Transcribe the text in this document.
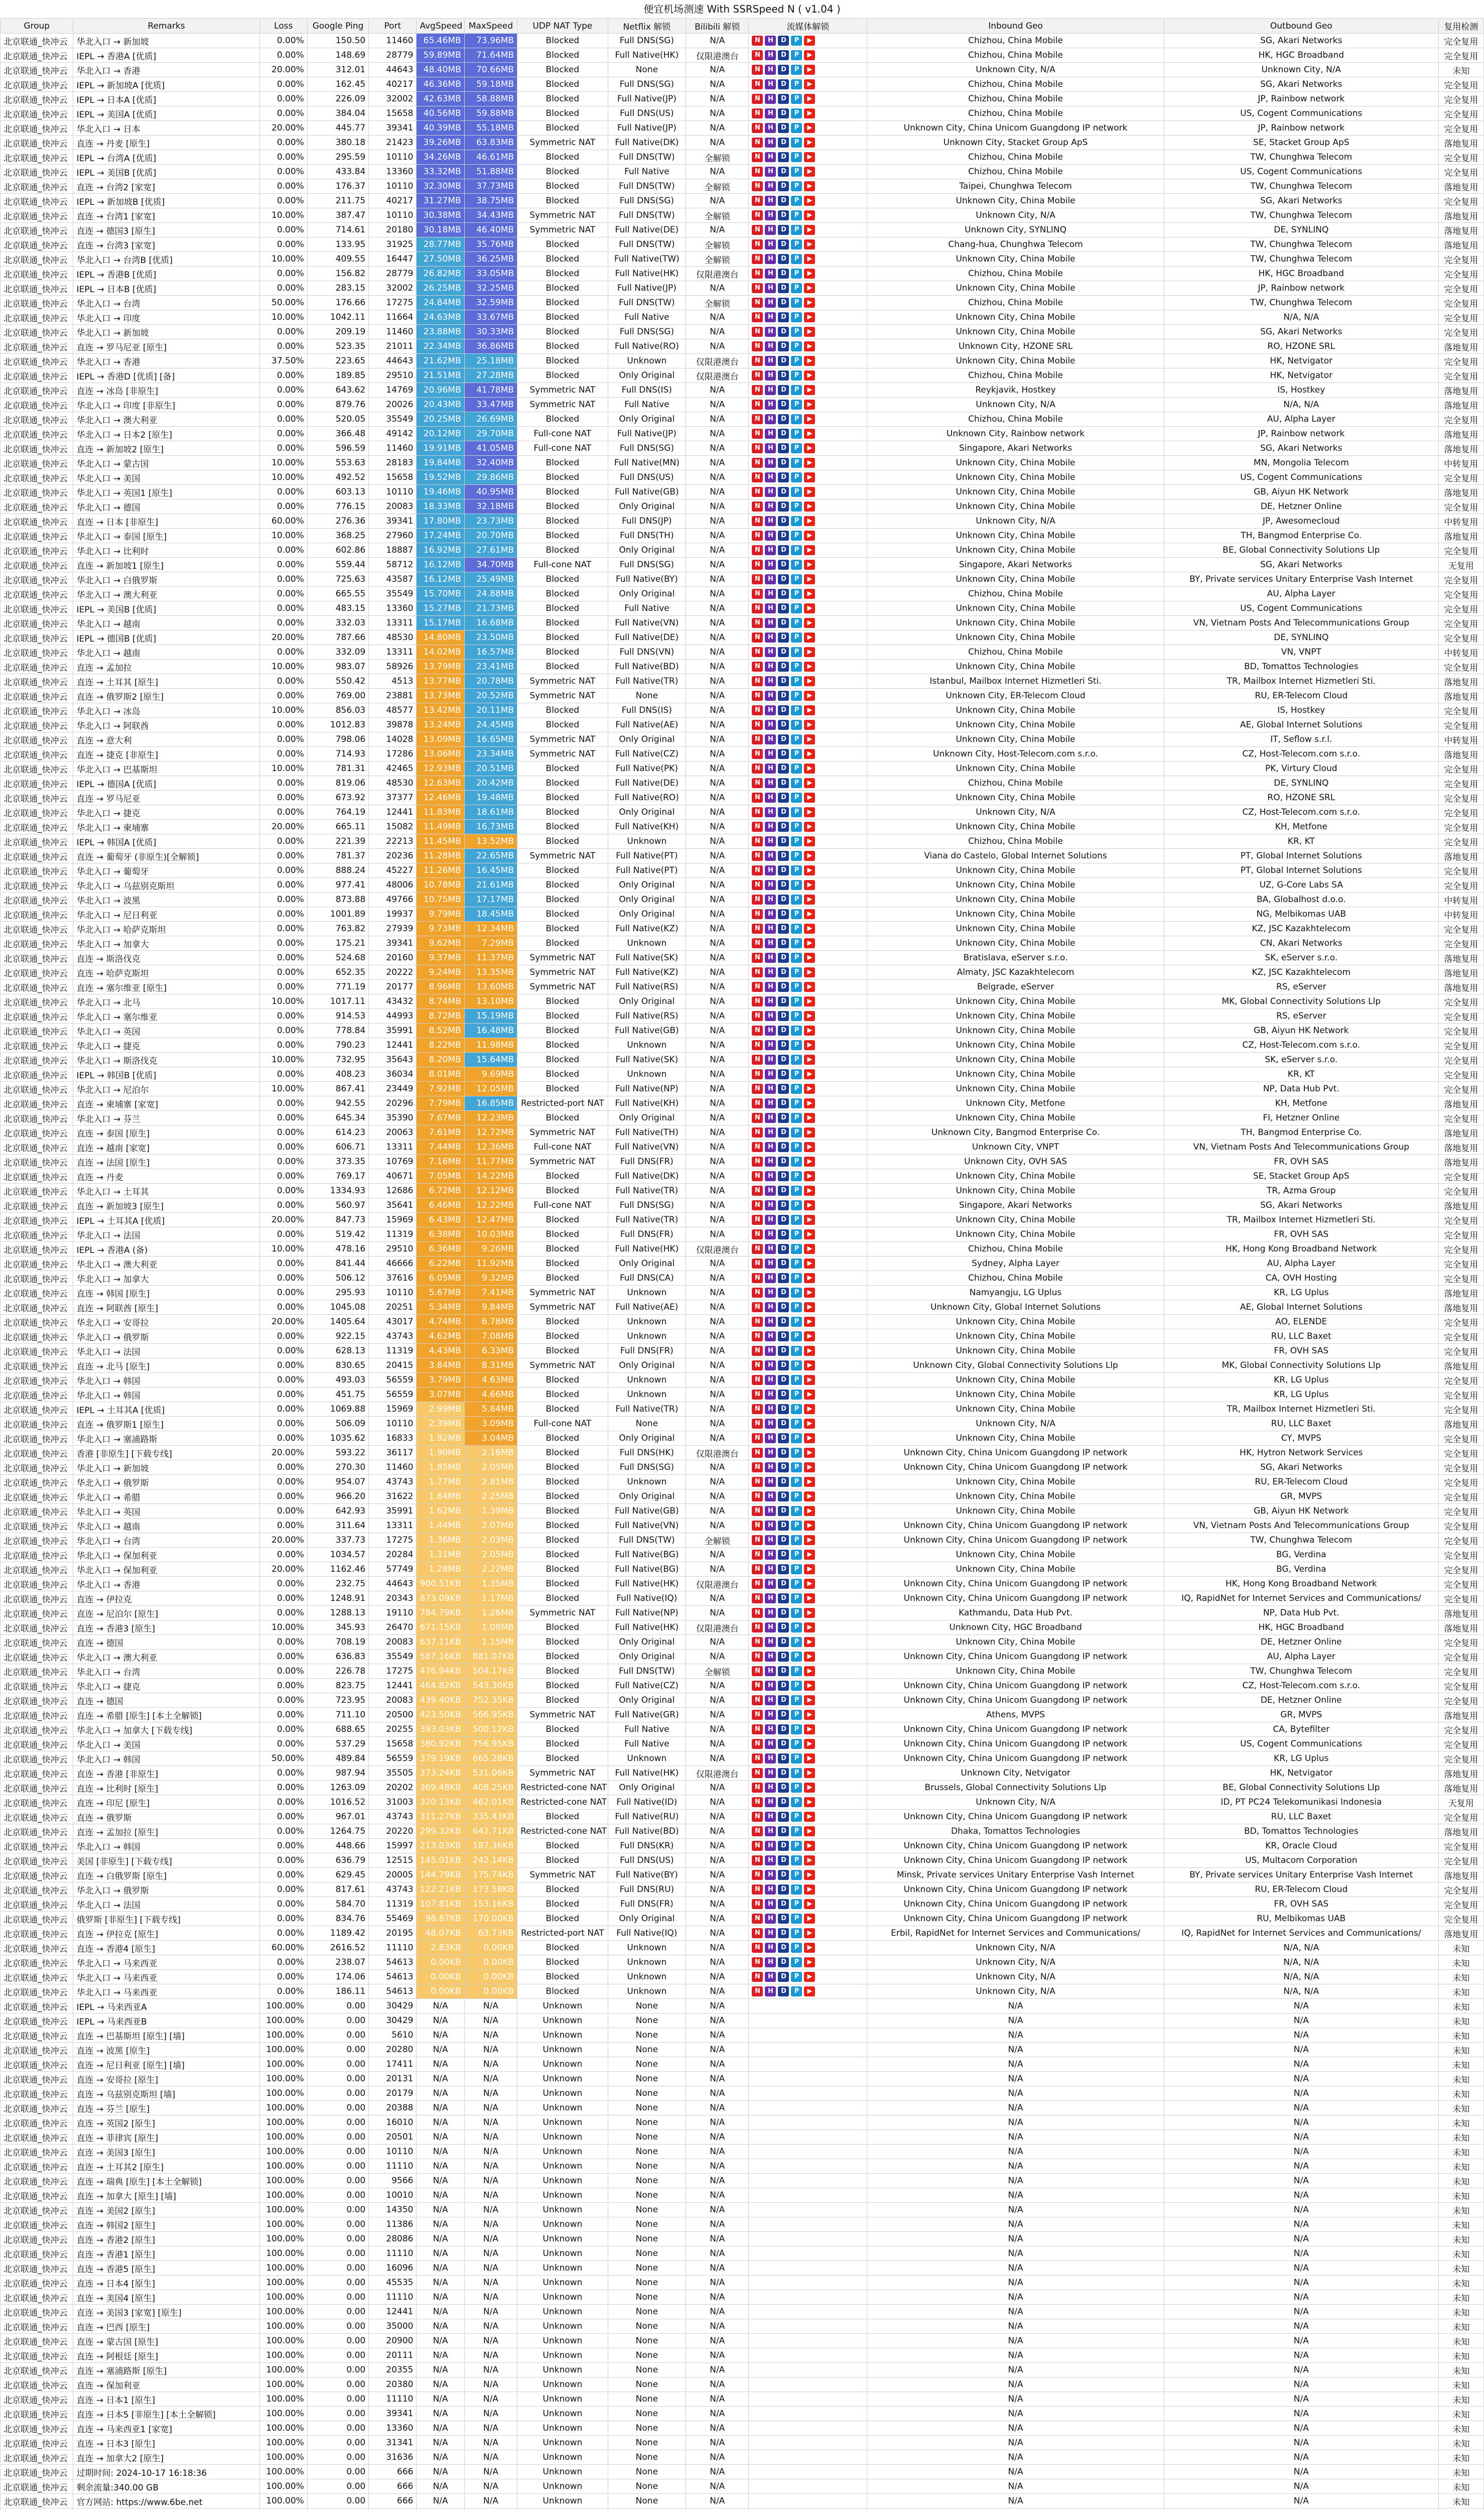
便宜机场测速 With SSRSpeed N ( v1.04 )
Group	Remarks	Loss	Google Ping	Port	AvgSpeed	MaxSpeed	UDP NAT Type	Netflix 解锁	Bilibili 解锁	流媒体解锁	Inbound Geo	Outbound Geo	复用检测
北京联通_快冲云	华北入口 → 新加坡	0.00%	150.50	11460	65.46MB	73.96MB	Blocked	Full DNS(SG)	N/A	N H D P ▶	Chizhou, China Mobile	SG, Akari Networks	完全复用
北京联通_快冲云	IEPL → 香港A [优质]	0.00%	148.69	28779	59.89MB	71.64MB	Blocked	Full Native(HK)	仅限港澳台	N H D P ▶	Chizhou, China Mobile	HK, HGC Broadband	完全复用
北京联通_快冲云	华北入口 → 香港	20.00%	312.01	44643	48.40MB	70.66MB	Blocked	None	N/A	N H D P ▶	Unknown City, N/A	Unknown City, N/A	未知
北京联通_快冲云	IEPL → 新加坡A [优质]	0.00%	162.45	40217	46.36MB	59.18MB	Blocked	Full DNS(SG)	N/A	N H D P ▶	Chizhou, China Mobile	SG, Akari Networks	完全复用
北京联通_快冲云	IEPL → 日本A [优质]	0.00%	226.09	32002	42.63MB	58.88MB	Blocked	Full Native(JP)	N/A	N H D P ▶	Chizhou, China Mobile	JP, Rainbow network	完全复用
北京联通_快冲云	IEPL → 美国A [优质]	0.00%	384.04	15658	40.56MB	59.88MB	Blocked	Full DNS(US)	N/A	N H D P ▶	Chizhou, China Mobile	US, Cogent Communications	完全复用
北京联通_快冲云	华北入口 → 日本	20.00%	445.77	39341	40.39MB	55.18MB	Blocked	Full Native(JP)	N/A	N H D P ▶	Unknown City, China Unicom Guangdong IP network	JP, Rainbow network	完全复用
北京联通_快冲云	直连 → 丹麦 [原生]	0.00%	380.18	21423	39.26MB	63.83MB	Symmetric NAT	Full Native(DK)	N/A	N H D P ▶	Unknown City, Stacket Group ApS	SE, Stacket Group ApS	落地复用
北京联通_快冲云	IEPL → 台湾A [优质]	0.00%	295.59	10110	34.26MB	46.61MB	Blocked	Full DNS(TW)	全解锁	N H D P ▶	Chizhou, China Mobile	TW, Chunghwa Telecom	完全复用
北京联通_快冲云	IEPL → 美国B [优质]	0.00%	433.84	13360	33.32MB	51.88MB	Blocked	Full Native	N/A	N H D P ▶	Chizhou, China Mobile	US, Cogent Communications	完全复用
北京联通_快冲云	直连 → 台湾2 [家宽]	0.00%	176.37	10110	32.30MB	37.73MB	Blocked	Full DNS(TW)	全解锁	N H D P ▶	Taipei, Chunghwa Telecom	TW, Chunghwa Telecom	落地复用
北京联通_快冲云	IEPL → 新加坡B [优质]	0.00%	211.75	40217	31.27MB	38.75MB	Blocked	Full DNS(SG)	N/A	N H D P ▶	Unknown City, China Mobile	SG, Akari Networks	完全复用
北京联通_快冲云	直连 → 台湾1 [家宽]	10.00%	387.47	10110	30.38MB	34.43MB	Symmetric NAT	Full DNS(TW)	全解锁	N H D P ▶	Unknown City, N/A	TW, Chunghwa Telecom	落地复用
北京联通_快冲云	直连 → 德国3 [原生]	0.00%	714.61	20180	30.18MB	46.40MB	Symmetric NAT	Full Native(DE)	N/A	N H D P ▶	Unknown City, SYNLINQ	DE, SYNLINQ	落地复用
北京联通_快冲云	直连 → 台湾3 [家宽]	0.00%	133.95	31925	28.77MB	35.76MB	Blocked	Full DNS(TW)	全解锁	N H D P ▶	Chang-hua, Chunghwa Telecom	TW, Chunghwa Telecom	落地复用
北京联通_快冲云	华北入口 → 台湾B [优质]	10.00%	409.55	16447	27.50MB	36.25MB	Blocked	Full Native(TW)	全解锁	N H D P ▶	Unknown City, China Mobile	TW, Chunghwa Telecom	完全复用
北京联通_快冲云	IEPL → 香港B [优质]	0.00%	156.82	28779	26.82MB	33.05MB	Blocked	Full Native(HK)	仅限港澳台	N H D P ▶	Chizhou, China Mobile	HK, HGC Broadband	完全复用
北京联通_快冲云	IEPL → 日本B [优质]	0.00%	283.15	32002	26.25MB	32.25MB	Blocked	Full Native(JP)	N/A	N H D P ▶	Unknown City, China Mobile	JP, Rainbow network	完全复用
北京联通_快冲云	华北入口 → 台湾	50.00%	176.66	17275	24.84MB	32.59MB	Blocked	Full DNS(TW)	全解锁	N H D P ▶	Chizhou, China Mobile	TW, Chunghwa Telecom	完全复用
北京联通_快冲云	华北入口 → 印度	10.00%	1042.11	11664	24.63MB	33.67MB	Blocked	Full Native	N/A	N H D P ▶	Unknown City, China Mobile	N/A, N/A	完全复用
北京联通_快冲云	华北入口 → 新加坡	0.00%	209.19	11460	23.88MB	30.33MB	Blocked	Full DNS(SG)	N/A	N H D P ▶	Unknown City, China Mobile	SG, Akari Networks	完全复用
北京联通_快冲云	直连 → 罗马尼亚 [原生]	0.00%	523.35	21011	22.34MB	36.86MB	Blocked	Full Native(RO)	N/A	N H D P ▶	Unknown City, HZONE SRL	RO, HZONE SRL	落地复用
北京联通_快冲云	华北入口 → 香港	37.50%	223.65	44643	21.62MB	25.18MB	Blocked	Unknown	仅限港澳台	N H D P ▶	Unknown City, China Mobile	HK, Netvigator	完全复用
北京联通_快冲云	IEPL → 香港D [优质] [备]	0.00%	189.85	29510	21.51MB	27.28MB	Blocked	Only Original	仅限港澳台	N H D P ▶	Chizhou, China Mobile	HK, Netvigator	完全复用
北京联通_快冲云	直连 → 冰岛 [非原生]	0.00%	643.62	14769	20.96MB	41.78MB	Symmetric NAT	Full DNS(IS)	N/A	N H D P ▶	Reykjavik, Hostkey	IS, Hostkey	落地复用
北京联通_快冲云	华北入口 → 印度 [非原生]	0.00%	879.76	20026	20.43MB	33.47MB	Symmetric NAT	Full Native	N/A	N H D P ▶	Unknown City, N/A	N/A, N/A	落地复用
北京联通_快冲云	华北入口 → 澳大利亚	0.00%	520.05	35549	20.25MB	26.69MB	Blocked	Only Original	N/A	N H D P ▶	Chizhou, China Mobile	AU, Alpha Layer	完全复用
北京联通_快冲云	华北入口 → 日本2 [原生]	0.00%	366.48	49142	20.12MB	29.70MB	Full-cone NAT	Full Native(JP)	N/A	N H D P ▶	Unknown City, Rainbow network	JP, Rainbow network	落地复用
北京联通_快冲云	直连 → 新加坡2 [原生]	0.00%	596.59	11460	19.91MB	41.05MB	Full-cone NAT	Full DNS(SG)	N/A	N H D P ▶	Singapore, Akari Networks	SG, Akari Networks	落地复用
北京联通_快冲云	华北入口 → 蒙古国	10.00%	553.63	28183	19.84MB	32.40MB	Blocked	Full Native(MN)	N/A	N H D P ▶	Unknown City, China Mobile	MN, Mongolia Telecom	中转复用
北京联通_快冲云	华北入口 → 美国	10.00%	492.52	15658	19.52MB	29.86MB	Blocked	Full DNS(US)	N/A	N H D P ▶	Unknown City, China Mobile	US, Cogent Communications	完全复用
北京联通_快冲云	华北入口 → 英国1 [原生]	0.00%	603.13	10110	19.46MB	40.95MB	Blocked	Full Native(GB)	N/A	N H D P ▶	Unknown City, China Mobile	GB, Aiyun HK Network	落地复用
北京联通_快冲云	华北入口 → 德国	0.00%	776.15	20083	18.33MB	32.18MB	Blocked	Only Original	N/A	N H D P ▶	Unknown City, China Mobile	DE, Hetzner Online	完全复用
北京联通_快冲云	直连 → 日本 [非原生]	60.00%	276.36	39341	17.80MB	23.73MB	Blocked	Full DNS(JP)	N/A	N H D P ▶	Unknown City, N/A	JP, Awesomecloud	中转复用
北京联通_快冲云	华北入口 → 泰国 [原生]	10.00%	368.25	27960	17.24MB	20.70MB	Blocked	Full DNS(TH)	N/A	N H D P ▶	Unknown City, China Mobile	TH, Bangmod Enterprise Co.	落地复用
北京联通_快冲云	华北入口 → 比利时	0.00%	602.86	18887	16.92MB	27.61MB	Blocked	Only Original	N/A	N H D P ▶	Unknown City, China Mobile	BE, Global Connectivity Solutions Llp	完全复用
北京联通_快冲云	直连 → 新加坡1 [原生]	0.00%	559.44	58712	16.12MB	34.70MB	Full-cone NAT	Full DNS(SG)	N/A	N H D P ▶	Singapore, Akari Networks	SG, Akari Networks	无复用
北京联通_快冲云	华北入口 → 白俄罗斯	0.00%	725.63	43587	16.12MB	25.49MB	Blocked	Full Native(BY)	N/A	N H D P ▶	Unknown City, China Mobile	BY, Private services Unitary Enterprise Vash Internet	完全复用
北京联通_快冲云	华北入口 → 澳大利亚	0.00%	665.55	35549	15.70MB	24.88MB	Blocked	Only Original	N/A	N H D P ▶	Chizhou, China Mobile	AU, Alpha Layer	完全复用
北京联通_快冲云	IEPL → 美国B [优质]	0.00%	483.15	13360	15.27MB	21.73MB	Blocked	Full Native	N/A	N H D P ▶	Unknown City, China Mobile	US, Cogent Communications	完全复用
北京联通_快冲云	华北入口 → 越南	0.00%	332.03	13311	15.17MB	16.68MB	Blocked	Full Native(VN)	N/A	N H D P ▶	Unknown City, China Mobile	VN, Vietnam Posts And Telecommunications Group	完全复用
北京联通_快冲云	IEPL → 德国B [优质]	20.00%	787.66	48530	14.80MB	23.50MB	Blocked	Full Native(DE)	N/A	N H D P ▶	Unknown City, China Mobile	DE, SYNLINQ	完全复用
北京联通_快冲云	华北入口 → 越南	0.00%	332.09	13311	14.02MB	16.57MB	Blocked	Full DNS(VN)	N/A	N H D P ▶	Chizhou, China Mobile	VN, VNPT	中转复用
北京联通_快冲云	直连 → 孟加拉	10.00%	983.07	58926	13.79MB	23.41MB	Blocked	Full Native(BD)	N/A	N H D P ▶	Unknown City, China Mobile	BD, Tomattos Technologies	完全复用
北京联通_快冲云	直连 → 土耳其 [原生]	0.00%	550.42	4513	13.77MB	20.78MB	Symmetric NAT	Full Native(TR)	N/A	N H D P ▶	Istanbul, Mailbox Internet Hizmetleri Sti.	TR, Mailbox Internet Hizmetleri Sti.	落地复用
北京联通_快冲云	直连 → 俄罗斯2 [原生]	0.00%	769.00	23881	13.73MB	20.52MB	Symmetric NAT	None	N/A	N H D P ▶	Unknown City, ER-Telecom Cloud	RU, ER-Telecom Cloud	落地复用
北京联通_快冲云	华北入口 → 冰岛	10.00%	856.03	48577	13.42MB	20.11MB	Blocked	Full DNS(IS)	N/A	N H D P ▶	Unknown City, China Mobile	IS, Hostkey	完全复用
北京联通_快冲云	华北入口 → 阿联酋	0.00%	1012.83	39878	13.24MB	24.45MB	Blocked	Full Native(AE)	N/A	N H D P ▶	Unknown City, China Mobile	AE, Global Internet Solutions	完全复用
北京联通_快冲云	直连 → 意大利	0.00%	798.06	14028	13.09MB	16.65MB	Symmetric NAT	Only Original	N/A	N H D P ▶	Unknown City, China Mobile	IT, Seflow s.r.l.	中转复用
北京联通_快冲云	直连 → 捷克 [非原生]	0.00%	714.93	17286	13.06MB	23.34MB	Symmetric NAT	Full Native(CZ)	N/A	N H D P ▶	Unknown City, Host-Telecom.com s.r.o.	CZ, Host-Telecom.com s.r.o.	落地复用
北京联通_快冲云	华北入口 → 巴基斯坦	10.00%	781.31	42465	12.93MB	20.51MB	Blocked	Full Native(PK)	N/A	N H D P ▶	Unknown City, China Mobile	PK, Virtury Cloud	完全复用
北京联通_快冲云	IEPL → 德国A [优质]	0.00%	819.06	48530	12.63MB	20.42MB	Blocked	Full Native(DE)	N/A	N H D P ▶	Chizhou, China Mobile	DE, SYNLINQ	完全复用
北京联通_快冲云	直连 → 罗马尼亚	0.00%	673.92	37377	12.46MB	19.48MB	Blocked	Full Native(RO)	N/A	N H D P ▶	Unknown City, China Mobile	RO, HZONE SRL	完全复用
北京联通_快冲云	华北入口 → 捷克	0.00%	764.19	12441	11.83MB	18.61MB	Blocked	Only Original	N/A	N H D P ▶	Unknown City, N/A	CZ, Host-Telecom.com s.r.o.	完全复用
北京联通_快冲云	华北入口 → 柬埔寨	20.00%	665.11	15082	11.49MB	16.73MB	Blocked	Full Native(KH)	N/A	N H D P ▶	Unknown City, China Mobile	KH, Metfone	完全复用
北京联通_快冲云	IEPL → 韩国A [优质]	0.00%	221.39	22213	11.45MB	13.52MB	Blocked	Unknown	N/A	N H D P ▶	Chizhou, China Mobile	KR, KT	完全复用
北京联通_快冲云	直连 → 葡萄牙 (非原生)[全解锁]	0.00%	781.37	20236	11.28MB	22.65MB	Symmetric NAT	Full Native(PT)	N/A	N H D P ▶	Viana do Castelo, Global Internet Solutions	PT, Global Internet Solutions	落地复用
北京联通_快冲云	华北入口 → 葡萄牙	0.00%	888.24	45227	11.26MB	16.45MB	Blocked	Full Native(PT)	N/A	N H D P ▶	Unknown City, China Mobile	PT, Global Internet Solutions	完全复用
北京联通_快冲云	华北入口 → 乌兹别克斯坦	0.00%	977.41	48006	10.78MB	21.61MB	Blocked	Only Original	N/A	N H D P ▶	Unknown City, China Mobile	UZ, G-Core Labs SA	完全复用
北京联通_快冲云	华北入口 → 波黑	0.00%	873.88	49766	10.75MB	17.17MB	Blocked	Only Original	N/A	N H D P ▶	Unknown City, China Mobile	BA, Globalhost d.o.o.	中转复用
北京联通_快冲云	华北入口 → 尼日利亚	0.00%	1001.89	19937	9.79MB	18.45MB	Blocked	Only Original	N/A	N H D P ▶	Unknown City, China Mobile	NG, Melbikomas UAB	中转复用
北京联通_快冲云	华北入口 → 哈萨克斯坦	0.00%	763.82	27939	9.73MB	12.34MB	Blocked	Full Native(KZ)	N/A	N H D P ▶	Unknown City, China Mobile	KZ, JSC Kazakhtelecom	完全复用
北京联通_快冲云	华北入口 → 加拿大	0.00%	175.21	39341	9.62MB	7.29MB	Blocked	Unknown	N/A	N H D P ▶	Unknown City, China Mobile	CN, Akari Networks	完全复用
北京联通_快冲云	直连 → 斯洛伐克	0.00%	524.68	20160	9.37MB	11.37MB	Symmetric NAT	Full Native(SK)	N/A	N H D P ▶	Bratislava, eServer s.r.o.	SK, eServer s.r.o.	落地复用
北京联通_快冲云	直连 → 哈萨克斯坦	0.00%	652.35	20222	9.24MB	13.35MB	Symmetric NAT	Full Native(KZ)	N/A	N H D P ▶	Almaty, JSC Kazakhtelecom	KZ, JSC Kazakhtelecom	落地复用
北京联通_快冲云	直连 → 塞尔维亚 [原生]	0.00%	771.19	20177	8.96MB	13.60MB	Symmetric NAT	Full Native(RS)	N/A	N H D P ▶	Belgrade, eServer	RS, eServer	落地复用
北京联通_快冲云	华北入口 → 北马	10.00%	1017.11	43432	8.74MB	13.10MB	Blocked	Only Original	N/A	N H D P ▶	Unknown City, China Mobile	MK, Global Connectivity Solutions Llp	完全复用
北京联通_快冲云	华北入口 → 塞尔维亚	0.00%	914.53	44993	8.72MB	15.19MB	Blocked	Full Native(RS)	N/A	N H D P ▶	Unknown City, China Mobile	RS, eServer	完全复用
北京联通_快冲云	华北入口 → 英国	0.00%	778.84	35991	8.52MB	16.48MB	Blocked	Full Native(GB)	N/A	N H D P ▶	Unknown City, China Mobile	GB, Aiyun HK Network	完全复用
北京联通_快冲云	华北入口 → 捷克	0.00%	790.23	12441	8.22MB	11.98MB	Blocked	Unknown	N/A	N H D P ▶	Unknown City, China Mobile	CZ, Host-Telecom.com s.r.o.	完全复用
北京联通_快冲云	华北入口 → 斯洛伐克	10.00%	732.95	35643	8.20MB	15.64MB	Blocked	Full Native(SK)	N/A	N H D P ▶	Unknown City, China Mobile	SK, eServer s.r.o.	完全复用
北京联通_快冲云	IEPL → 韩国B [优质]	0.00%	408.23	36034	8.01MB	9.69MB	Blocked	Unknown	N/A	N H D P ▶	Unknown City, China Mobile	KR, KT	完全复用
北京联通_快冲云	华北入口 → 尼泊尔	10.00%	867.41	23449	7.92MB	12.05MB	Blocked	Full Native(NP)	N/A	N H D P ▶	Unknown City, China Mobile	NP, Data Hub Pvt.	完全复用
北京联通_快冲云	直连 → 柬埔寨 [家宽]	0.00%	942.55	20296	7.79MB	16.85MB	Restricted-port NAT	Full Native(KH)	N/A	N H D P ▶	Unknown City, Metfone	KH, Metfone	落地复用
北京联通_快冲云	华北入口 → 芬兰	0.00%	645.34	35390	7.67MB	12.23MB	Blocked	Only Original	N/A	N H D P ▶	Unknown City, China Mobile	FI, Hetzner Online	完全复用
北京联通_快冲云	直连 → 泰国 [原生]	0.00%	614.23	20063	7.61MB	12.72MB	Symmetric NAT	Full Native(TH)	N/A	N H D P ▶	Unknown City, Bangmod Enterprise Co.	TH, Bangmod Enterprise Co.	落地复用
北京联通_快冲云	直连 → 越南 [家宽]	0.00%	606.71	13311	7.44MB	12.36MB	Full-cone NAT	Full Native(VN)	N/A	N H D P ▶	Unknown City, VNPT	VN, Vietnam Posts And Telecommunications Group	落地复用
北京联通_快冲云	直连 → 法国 [原生]	0.00%	373.35	10769	7.16MB	11.77MB	Symmetric NAT	Full DNS(FR)	N/A	N H D P ▶	Unknown City, OVH SAS	FR, OVH SAS	落地复用
北京联通_快冲云	直连 → 丹麦	0.00%	769.17	40671	7.05MB	14.22MB	Blocked	Full Native(DK)	N/A	N H D P ▶	Unknown City, China Mobile	SE, Stacket Group ApS	完全复用
北京联通_快冲云	华北入口 → 土耳其	0.00%	1334.93	12686	6.72MB	12.12MB	Blocked	Full Native(TR)	N/A	N H D P ▶	Unknown City, China Mobile	TR, Azma Group	完全复用
北京联通_快冲云	直连 → 新加坡3 [原生]	0.00%	560.97	35641	6.46MB	12.22MB	Full-cone NAT	Full DNS(SG)	N/A	N H D P ▶	Singapore, Akari Networks	SG, Akari Networks	落地复用
北京联通_快冲云	IEPL → 土耳其A [优质]	20.00%	847.73	15969	6.43MB	12.47MB	Blocked	Full Native(TR)	N/A	N H D P ▶	Unknown City, China Mobile	TR, Mailbox Internet Hizmetleri Sti.	完全复用
北京联通_快冲云	华北入口 → 法国	0.00%	519.42	11319	6.38MB	10.03MB	Blocked	Full DNS(FR)	N/A	N H D P ▶	Unknown City, China Mobile	FR, OVH SAS	完全复用
北京联通_快冲云	IEPL → 香港A (备)	10.00%	478.16	29510	6.36MB	9.26MB	Blocked	Full Native(HK)	仅限港澳台	N H D P ▶	Chizhou, China Mobile	HK, Hong Kong Broadband Network	完全复用
北京联通_快冲云	华北入口 → 澳大利亚	0.00%	841.44	46666	6.22MB	11.92MB	Blocked	Only Original	N/A	N H D P ▶	Sydney, Alpha Layer	AU, Alpha Layer	完全复用
北京联通_快冲云	华北入口 → 加拿大	0.00%	506.12	37616	6.05MB	9.32MB	Blocked	Full DNS(CA)	N/A	N H D P ▶	Chizhou, China Mobile	CA, OVH Hosting	完全复用
北京联通_快冲云	直连 → 韩国 [原生]	0.00%	295.93	10110	5.67MB	7.41MB	Symmetric NAT	Unknown	N/A	N H D P ▶	Namyangju, LG Uplus	KR, LG Uplus	落地复用
北京联通_快冲云	直连 → 阿联酋 [原生]	0.00%	1045.08	20251	5.34MB	9.84MB	Symmetric NAT	Full Native(AE)	N/A	N H D P ▶	Unknown City, Global Internet Solutions	AE, Global Internet Solutions	落地复用
北京联通_快冲云	华北入口 → 安哥拉	20.00%	1405.64	43017	4.74MB	6.78MB	Blocked	Unknown	N/A	N H D P ▶	Unknown City, China Mobile	AO, ELENDE	完全复用
北京联通_快冲云	华北入口 → 俄罗斯	0.00%	922.15	43743	4.62MB	7.08MB	Blocked	Unknown	N/A	N H D P ▶	Unknown City, China Mobile	RU, LLC Baxet	完全复用
北京联通_快冲云	华北入口 → 法国	0.00%	628.13	11319	4.43MB	6.33MB	Blocked	Full DNS(FR)	N/A	N H D P ▶	Unknown City, China Mobile	FR, OVH SAS	完全复用
北京联通_快冲云	直连 → 北马 [原生]	0.00%	830.65	20415	3.84MB	8.31MB	Symmetric NAT	Only Original	N/A	N H D P ▶	Unknown City, Global Connectivity Solutions Llp	MK, Global Connectivity Solutions Llp	落地复用
北京联通_快冲云	华北入口 → 韩国	0.00%	493.03	56559	3.79MB	4.63MB	Blocked	Unknown	N/A	N H D P ▶	Unknown City, China Mobile	KR, LG Uplus	完全复用
北京联通_快冲云	华北入口 → 韩国	0.00%	451.75	56559	3.07MB	4.66MB	Blocked	Unknown	N/A	N H D P ▶	Unknown City, China Mobile	KR, LG Uplus	完全复用
北京联通_快冲云	IEPL → 土耳其A [优质]	0.00%	1069.88	15969	2.99MB	5.84MB	Blocked	Full Native(TR)	N/A	N H D P ▶	Unknown City, China Mobile	TR, Mailbox Internet Hizmetleri Sti.	完全复用
北京联通_快冲云	直连 → 俄罗斯1 [原生]	0.00%	506.09	10110	2.39MB	3.09MB	Full-cone NAT	None	N/A	N H D P ▶	Unknown City, N/A	RU, LLC Baxet	落地复用
北京联通_快冲云	华北入口 → 塞浦路斯	0.00%	1035.62	16833	1.92MB	3.04MB	Blocked	Only Original	N/A	N H D P ▶	Unknown City, China Mobile	CY, MVPS	完全复用
北京联通_快冲云	香港 [非原生] [下载专线]	20.00%	593.22	36117	1.90MB	2.16MB	Blocked	Full DNS(HK)	仅限港澳台	N H D P ▶	Unknown City, China Unicom Guangdong IP network	HK, Hytron Network Services	完全复用
北京联通_快冲云	华北入口 → 新加坡	0.00%	270.30	11460	1.85MB	2.05MB	Blocked	Full DNS(SG)	N/A	N H D P ▶	Unknown City, China Unicom Guangdong IP network	SG, Akari Networks	完全复用
北京联通_快冲云	华北入口 → 俄罗斯	0.00%	954.07	43743	1.77MB	2.81MB	Blocked	Unknown	N/A	N H D P ▶	Unknown City, China Mobile	RU, ER-Telecom Cloud	完全复用
北京联通_快冲云	华北入口 → 希腊	0.00%	966.20	31622	1.64MB	2.25MB	Blocked	Only Original	N/A	N H D P ▶	Unknown City, China Mobile	GR, MVPS	完全复用
北京联通_快冲云	华北入口 → 英国	0.00%	642.93	35991	1.62MB	1.39MB	Blocked	Full Native(GB)	N/A	N H D P ▶	Unknown City, China Mobile	GB, Aiyun HK Network	完全复用
北京联通_快冲云	华北入口 → 越南	0.00%	311.64	13311	1.44MB	2.07MB	Blocked	Full Native(VN)	N/A	N H D P ▶	Unknown City, China Unicom Guangdong IP network	VN, Vietnam Posts And Telecommunications Group	完全复用
北京联通_快冲云	华北入口 → 台湾	20.00%	337.73	17275	1.36MB	2.03MB	Blocked	Full DNS(TW)	全解锁	N H D P ▶	Unknown City, China Unicom Guangdong IP network	TW, Chunghwa Telecom	完全复用
北京联通_快冲云	华北入口 → 保加利亚	0.00%	1034.57	20284	1.31MB	2.05MB	Blocked	Full Native(BG)	N/A	N H D P ▶	Unknown City, China Mobile	BG, Verdina	完全复用
北京联通_快冲云	华北入口 → 保加利亚	20.00%	1162.46	57749	1.28MB	2.22MB	Blocked	Full Native(BG)	N/A	N H D P ▶	Unknown City, China Mobile	BG, Verdina	完全复用
北京联通_快冲云	华北入口 → 香港	0.00%	232.75	44643	900.51KB	1.35MB	Blocked	Full Native(HK)	仅限港澳台	N H D P ▶	Unknown City, China Unicom Guangdong IP network	HK, Hong Kong Broadband Network	完全复用
北京联通_快冲云	直连 → 伊拉克	0.00%	1248.91	20343	873.09KB	1.17MB	Blocked	Full Native(IQ)	N/A	N H D P ▶	Unknown City, China Unicom Guangdong IP network	IQ, RapidNet for Internet Services and Communications/	完全复用
北京联通_快冲云	直连 → 尼泊尔 [原生]	0.00%	1288.13	19110	784.79KB	1.26MB	Symmetric NAT	Full Native(NP)	N/A	N H D P ▶	Kathmandu, Data Hub Pvt.	NP, Data Hub Pvt.	落地复用
北京联通_快冲云	直连 → 香港3 [原生]	10.00%	345.93	26470	671.15KB	1.08MB	Blocked	Full Native(HK)	仅限港澳台	N H D P ▶	Unknown City, HGC Broadband	HK, HGC Broadband	落地复用
北京联通_快冲云	直连 → 德国	0.00%	708.19	20083	637.11KB	1.15MB	Blocked	Only Original	N/A	N H D P ▶	Unknown City, China Mobile	DE, Hetzner Online	完全复用
北京联通_快冲云	华北入口 → 澳大利亚	0.00%	636.83	35549	587.16KB	881.07KB	Blocked	Only Original	N/A	N H D P ▶	Unknown City, China Unicom Guangdong IP network	AU, Alpha Layer	完全复用
北京联通_快冲云	华北入口 → 台湾	0.00%	226.78	17275	476.94KB	504.17KB	Blocked	Full DNS(TW)	全解锁	N H D P ▶	Unknown City, China Mobile	TW, Chunghwa Telecom	完全复用
北京联通_快冲云	华北入口 → 捷克	0.00%	823.75	12441	464.82KB	543.30KB	Blocked	Full Native(CZ)	N/A	N H D P ▶	Unknown City, China Unicom Guangdong IP network	CZ, Host-Telecom.com s.r.o.	完全复用
北京联通_快冲云	直连 → 德国	0.00%	723.95	20083	439.40KB	752.35KB	Blocked	Only Original	N/A	N H D P ▶	Unknown City, China Unicom Guangdong IP network	DE, Hetzner Online	完全复用
北京联通_快冲云	直连 → 希腊 [原生] [本土全解锁]	0.00%	711.10	20500	423.50KB	566.95KB	Symmetric NAT	Full Native(GR)	N/A	N H D P ▶	Athens, MVPS	GR, MVPS	落地复用
北京联通_快冲云	华北入口 → 加拿大 [下载专线]	0.00%	688.65	20255	393.03KB	500.12KB	Blocked	Full Native	N/A	N H D P ▶	Unknown City, China Unicom Guangdong IP network	CA, Bytefilter	完全复用
北京联通_快冲云	华北入口 → 美国	0.00%	537.29	15658	380.92KB	756.95KB	Blocked	Full Native	N/A	N H D P ▶	Unknown City, China Unicom Guangdong IP network	US, Cogent Communications	完全复用
北京联通_快冲云	华北入口 → 韩国	50.00%	489.84	56559	379.19KB	665.28KB	Blocked	Unknown	N/A	N H D P ▶	Unknown City, China Unicom Guangdong IP network	KR, LG Uplus	完全复用
北京联通_快冲云	直连 → 香港 [非原生]	0.00%	987.94	35505	373.24KB	531.06KB	Symmetric NAT	Full Native(HK)	仅限港澳台	N H D P ▶	Unknown City, Netvigator	HK, Netvigator	落地复用
北京联通_快冲云	直连 → 比利时 [原生]	0.00%	1263.09	20202	369.48KB	408.25KB	Restricted-cone NAT	Only Original	N/A	N H D P ▶	Brussels, Global Connectivity Solutions Llp	BE, Global Connectivity Solutions Llp	落地复用
北京联通_快冲云	直连 → 印尼 [原生]	0.00%	1016.52	31003	320.13KB	462.01KB	Restricted-cone NAT	Full Native(ID)	N/A	N H D P ▶	Unknown City, N/A	ID, PT PC24 Telekomunikasi Indonesia	天复用
北京联通_快冲云	直连 → 俄罗斯	0.00%	967.01	43743	311.27KB	335.43KB	Blocked	Full Native(RU)	N/A	N H D P ▶	Unknown City, China Unicom Guangdong IP network	RU, LLC Baxet	完全复用
北京联通_快冲云	直连 → 孟加拉 [原生]	0.00%	1264.75	20220	299.32KB	642.71KB	Restricted-cone NAT	Full Native(BD)	N/A	N H D P ▶	Dhaka, Tomattos Technologies	BD, Tomattos Technologies	落地复用
北京联通_快冲云	华北入口 → 韩国	0.00%	448.66	15997	213.03KB	187.36KB	Blocked	Full DNS(KR)	N/A	N H D P ▶	Unknown City, China Unicom Guangdong IP network	KR, Oracle Cloud	完全复用
北京联通_快冲云	美国 [非原生] [下载专线]	0.00%	636.79	12515	145.01KB	242.14KB	Blocked	Full DNS(US)	N/A	N H D P ▶	Unknown City, China Unicom Guangdong IP network	US, Multacom Corporation	完全复用
北京联通_快冲云	直连 → 白俄罗斯 [原生]	0.00%	629.45	20005	144.79KB	175.74KB	Symmetric NAT	Full Native(BY)	N/A	N H D P ▶	Minsk, Private services Unitary Enterprise Vash Internet	BY, Private services Unitary Enterprise Vash Internet	落地复用
北京联通_快冲云	华北入口 → 俄罗斯	0.00%	817.61	43743	122.21KB	173.58KB	Blocked	Full DNS(RU)	N/A	N H D P ▶	Unknown City, China Unicom Guangdong IP network	RU, ER-Telecom Cloud	完全复用
北京联通_快冲云	华北入口 → 法国	0.00%	584.70	11319	107.81KB	153.16KB	Blocked	Full DNS(FR)	N/A	N H D P ▶	Unknown City, China Unicom Guangdong IP network	FR, OVH SAS	完全复用
北京联通_快冲云	俄罗斯 [非原生] [下载专线]	0.00%	834.76	55469	98.87KB	170.00KB	Blocked	Only Original	N/A	N H D P ▶	Unknown City, China Unicom Guangdong IP network	RU, Melbikomas UAB	完全复用
北京联通_快冲云	直连 → 伊拉克 [原生]	0.00%	1189.42	20195	48.07KB	63.73KB	Restricted-port NAT	Full Native(IQ)	N/A	N H D P ▶	Erbil, RapidNet for Internet Services and Communications/	IQ, RapidNet for Internet Services and Communications/	落地复用
北京联通_快冲云	直连 → 香港4 [原生]	60.00%	2616.52	11110	2.83KB	0.00KB	Blocked	Unknown	N/A	N H D P ▶	Unknown City, N/A	N/A, N/A	未知
北京联通_快冲云	华北入口 → 马来西亚	0.00%	238.07	54613	0.00KB	0.00KB	Blocked	Unknown	N/A	N H D P ▶	Unknown City, N/A	N/A, N/A	未知
北京联通_快冲云	华北入口 → 马来西亚	0.00%	174.06	54613	0.00KB	0.00KB	Blocked	Unknown	N/A	N H D P ▶	Unknown City, N/A	N/A, N/A	未知
北京联通_快冲云	华北入口 → 马来西亚	0.00%	186.11	54613	0.00KB	0.00KB	Blocked	Unknown	N/A	N H D P ▶	Unknown City, N/A	N/A, N/A	未知
北京联通_快冲云	IEPL → 马来西亚A	100.00%	0.00	30429	N/A	N/A	Unknown	None	N/A		N/A	N/A	未知
北京联通_快冲云	IEPL → 马来西亚B	100.00%	0.00	30429	N/A	N/A	Unknown	None	N/A		N/A	N/A	未知
北京联通_快冲云	直连 → 巴基斯坦 [原生] [墙]	100.00%	0.00	5610	N/A	N/A	Unknown	None	N/A		N/A	N/A	未知
北京联通_快冲云	直连 → 波黑 [原生]	100.00%	0.00	20280	N/A	N/A	Unknown	None	N/A		N/A	N/A	未知
北京联通_快冲云	直连 → 尼日利亚 [原生] [墙]	100.00%	0.00	17411	N/A	N/A	Unknown	None	N/A		N/A	N/A	未知
北京联通_快冲云	直连 → 安哥拉 [原生]	100.00%	0.00	20131	N/A	N/A	Unknown	None	N/A		N/A	N/A	未知
北京联通_快冲云	直连 → 乌兹别克斯坦 [墙]	100.00%	0.00	20179	N/A	N/A	Unknown	None	N/A		N/A	N/A	未知
北京联通_快冲云	直连 → 芬兰 [原生]	100.00%	0.00	20388	N/A	N/A	Unknown	None	N/A		N/A	N/A	未知
北京联通_快冲云	直连 → 英国2 [原生]	100.00%	0.00	16010	N/A	N/A	Unknown	None	N/A		N/A	N/A	未知
北京联通_快冲云	直连 → 菲律宾 [原生]	100.00%	0.00	20501	N/A	N/A	Unknown	None	N/A		N/A	N/A	未知
北京联通_快冲云	直连 → 美国3 [原生]	100.00%	0.00	10110	N/A	N/A	Unknown	None	N/A		N/A	N/A	未知
北京联通_快冲云	直连 → 土耳其2 [原生]	100.00%	0.00	11110	N/A	N/A	Unknown	None	N/A		N/A	N/A	未知
北京联通_快冲云	直连 → 瑞典 [原生] [本土全解锁]	100.00%	0.00	9566	N/A	N/A	Unknown	None	N/A		N/A	N/A	未知
北京联通_快冲云	直连 → 加拿大 [原生] [墙]	100.00%	0.00	10010	N/A	N/A	Unknown	None	N/A		N/A	N/A	未知
北京联通_快冲云	直连 → 美国2 [原生]	100.00%	0.00	14350	N/A	N/A	Unknown	None	N/A		N/A	N/A	未知
北京联通_快冲云	直连 → 韩国2 [原生]	100.00%	0.00	11386	N/A	N/A	Unknown	None	N/A		N/A	N/A	未知
北京联通_快冲云	直连 → 香港2 [原生]	100.00%	0.00	28086	N/A	N/A	Unknown	None	N/A		N/A	N/A	未知
北京联通_快冲云	直连 → 香港1 [原生]	100.00%	0.00	11110	N/A	N/A	Unknown	None	N/A		N/A	N/A	未知
北京联通_快冲云	直连 → 香港5 [原生]	100.00%	0.00	16096	N/A	N/A	Unknown	None	N/A		N/A	N/A	未知
北京联通_快冲云	直连 → 日本4 [原生]	100.00%	0.00	45535	N/A	N/A	Unknown	None	N/A		N/A	N/A	未知
北京联通_快冲云	直连 → 美国4 [原生]	100.00%	0.00	11110	N/A	N/A	Unknown	None	N/A		N/A	N/A	未知
北京联通_快冲云	直连 → 美国3 [家宽] [原生]	100.00%	0.00	12441	N/A	N/A	Unknown	None	N/A		N/A	N/A	未知
北京联通_快冲云	直连 → 巴西 [原生]	100.00%	0.00	35000	N/A	N/A	Unknown	None	N/A		N/A	N/A	未知
北京联通_快冲云	直连 → 蒙古国 [原生]	100.00%	0.00	20900	N/A	N/A	Unknown	None	N/A		N/A	N/A	未知
北京联通_快冲云	直连 → 阿根廷 [原生]	100.00%	0.00	20111	N/A	N/A	Unknown	None	N/A		N/A	N/A	未知
北京联通_快冲云	直连 → 塞浦路斯 [原生]	100.00%	0.00	20355	N/A	N/A	Unknown	None	N/A		N/A	N/A	未知
北京联通_快冲云	直连 → 保加利亚	100.00%	0.00	20380	N/A	N/A	Unknown	None	N/A		N/A	N/A	未知
北京联通_快冲云	直连 → 日本1 [原生]	100.00%	0.00	11110	N/A	N/A	Unknown	None	N/A		N/A	N/A	未知
北京联通_快冲云	直连 → 日本5 [非原生] [本土全解锁]	100.00%	0.00	39341	N/A	N/A	Unknown	None	N/A		N/A	N/A	未知
北京联通_快冲云	直连 → 马来西亚1 [家宽]	100.00%	0.00	13360	N/A	N/A	Unknown	None	N/A		N/A	N/A	未知
北京联通_快冲云	直连 → 日本3 [原生]	100.00%	0.00	31341	N/A	N/A	Unknown	None	N/A		N/A	N/A	未知
北京联通_快冲云	直连 → 加拿大2 [原生]	100.00%	0.00	31636	N/A	N/A	Unknown	None	N/A		N/A	N/A	未知
北京联通_快冲云	过期时间: 2024-10-17 16:18:36	100.00%	0.00	666	N/A	N/A	Unknown	None	N/A		N/A	N/A	未知
北京联通_快冲云	剩余流量:340.00 GB	100.00%	0.00	666	N/A	N/A	Unknown	None	N/A		N/A	N/A	未知
北京联通_快冲云	官方网站: https://www.6be.net	100.00%	0.00	666	N/A	N/A	Unknown	None	N/A		N/A	N/A	未知
